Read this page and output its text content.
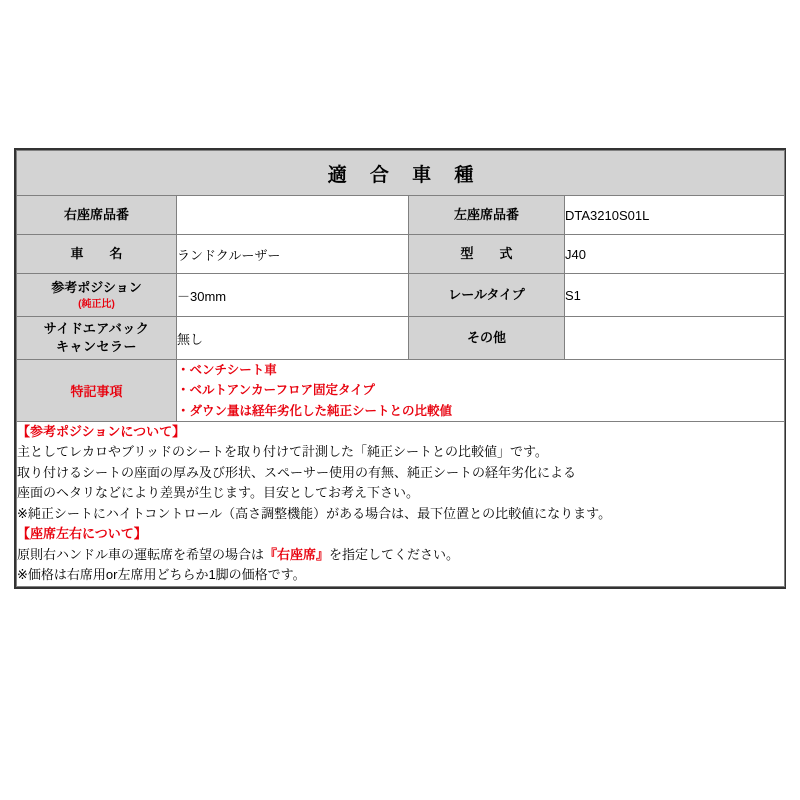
適 合 車 種			
右座席品番		左座席品番	DTA3210S01L
車　　名	ランドクルーザー	型　　式	J40
参考ポジション
(純正比)	－30mm	レールタイプ	S1
サイドエアバック
キャンセラー	無し	その他	
特記事項	・ベンチシート車
・ベルトアンカーフロア固定タイプ
・ダウン量は経年劣化した純正シートとの比較値		

【参考ポジションについて】
主としてレカロやブリッドのシートを取り付けて計測した「純正シートとの比較値」です。
取り付けるシートの座面の厚み及び形状、スペーサー使用の有無、純正シートの経年劣化による
座面のヘタリなどにより差異が生じます。目安としてお考え下さい。
※純正シートにハイトコントロール（高さ調整機能）がある場合は、最下位置との比較値になります。
【座席左右について】
原則右ハンドル車の運転席を希望の場合は『右座席』を指定してください。
※価格は右席用or左席用どちらか1脚の価格です。
